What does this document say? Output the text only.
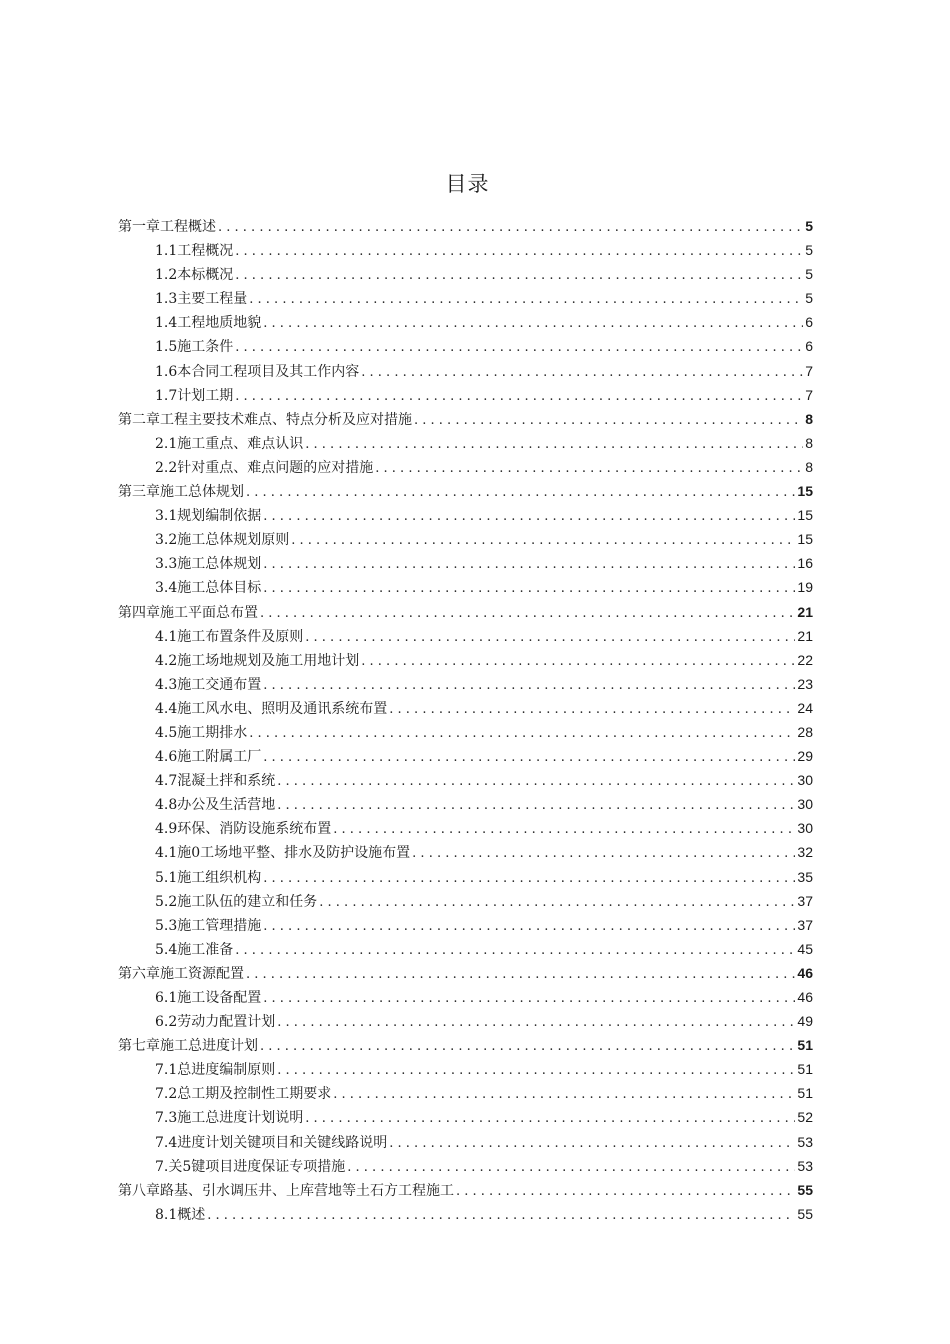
目录
第一章工程概述 . . .	5
1.1工程概况 . . .	5
1.2本标概况 . . .	5
1.3主要工程量 . . .	5
1.4工程地质地貌 . . .	6
1.5施工条件 . . .	6
1.6本合同工程项目及其工作内容 . . .	7
1.7计划工期 . . .	7
第二章工程主要技术难点、特点分析及应对措施 . . .	8
2.1施工重点、难点认识 . . .	8
2.2针对重点、难点问题的应对措施 . . .	8
第三章施工总体规划 . . .	15
3.1规划编制依据 . . .	15
3.2施工总体规划原则 . . .	15
3.3施工总体规划 . . .	16
3.4施工总体目标 . . .	19
第四章施工平面总布置 . . .	21
4.1施工布置条件及原则 . . .	21
4.2施工场地规划及施工用地计划 . . .	22
4.3施工交通布置 . . .	23
4.4施工风水电、照明及通讯系统布置 . . .	24
4.5施工期排水 . . .	28
4.6施工附属工厂 . . .	29
4.7混凝土拌和系统 . . .	30
4.8办公及生活营地 . . .	30
4.9环保、消防设施系统布置 . . .	30
4.1施0工场地平整、排水及防护设施布置 . . .	32
5.1施工组织机构 . . .	35
5.2施工队伍的建立和任务 . . .	37
5.3施工管理措施 . . .	37
5.4施工准备 . . .	45
第六章施工资源配置 . . .	46
6.1施工设备配置 . . .	46
6.2劳动力配置计划 . . .	49
第七章施工总进度计划 . . .	51
7.1总进度编制原则 . . .	51
7.2总工期及控制性工期要求 . . .	51
7.3施工总进度计划说明 . . .	52
7.4进度计划关键项目和关键线路说明 . . .	53
7.关5键项目进度保证专项措施 . . .	53
第八章路基、引水调压井、上库营地等土石方工程施工 . . .	55
8.1概述 . . .	55
